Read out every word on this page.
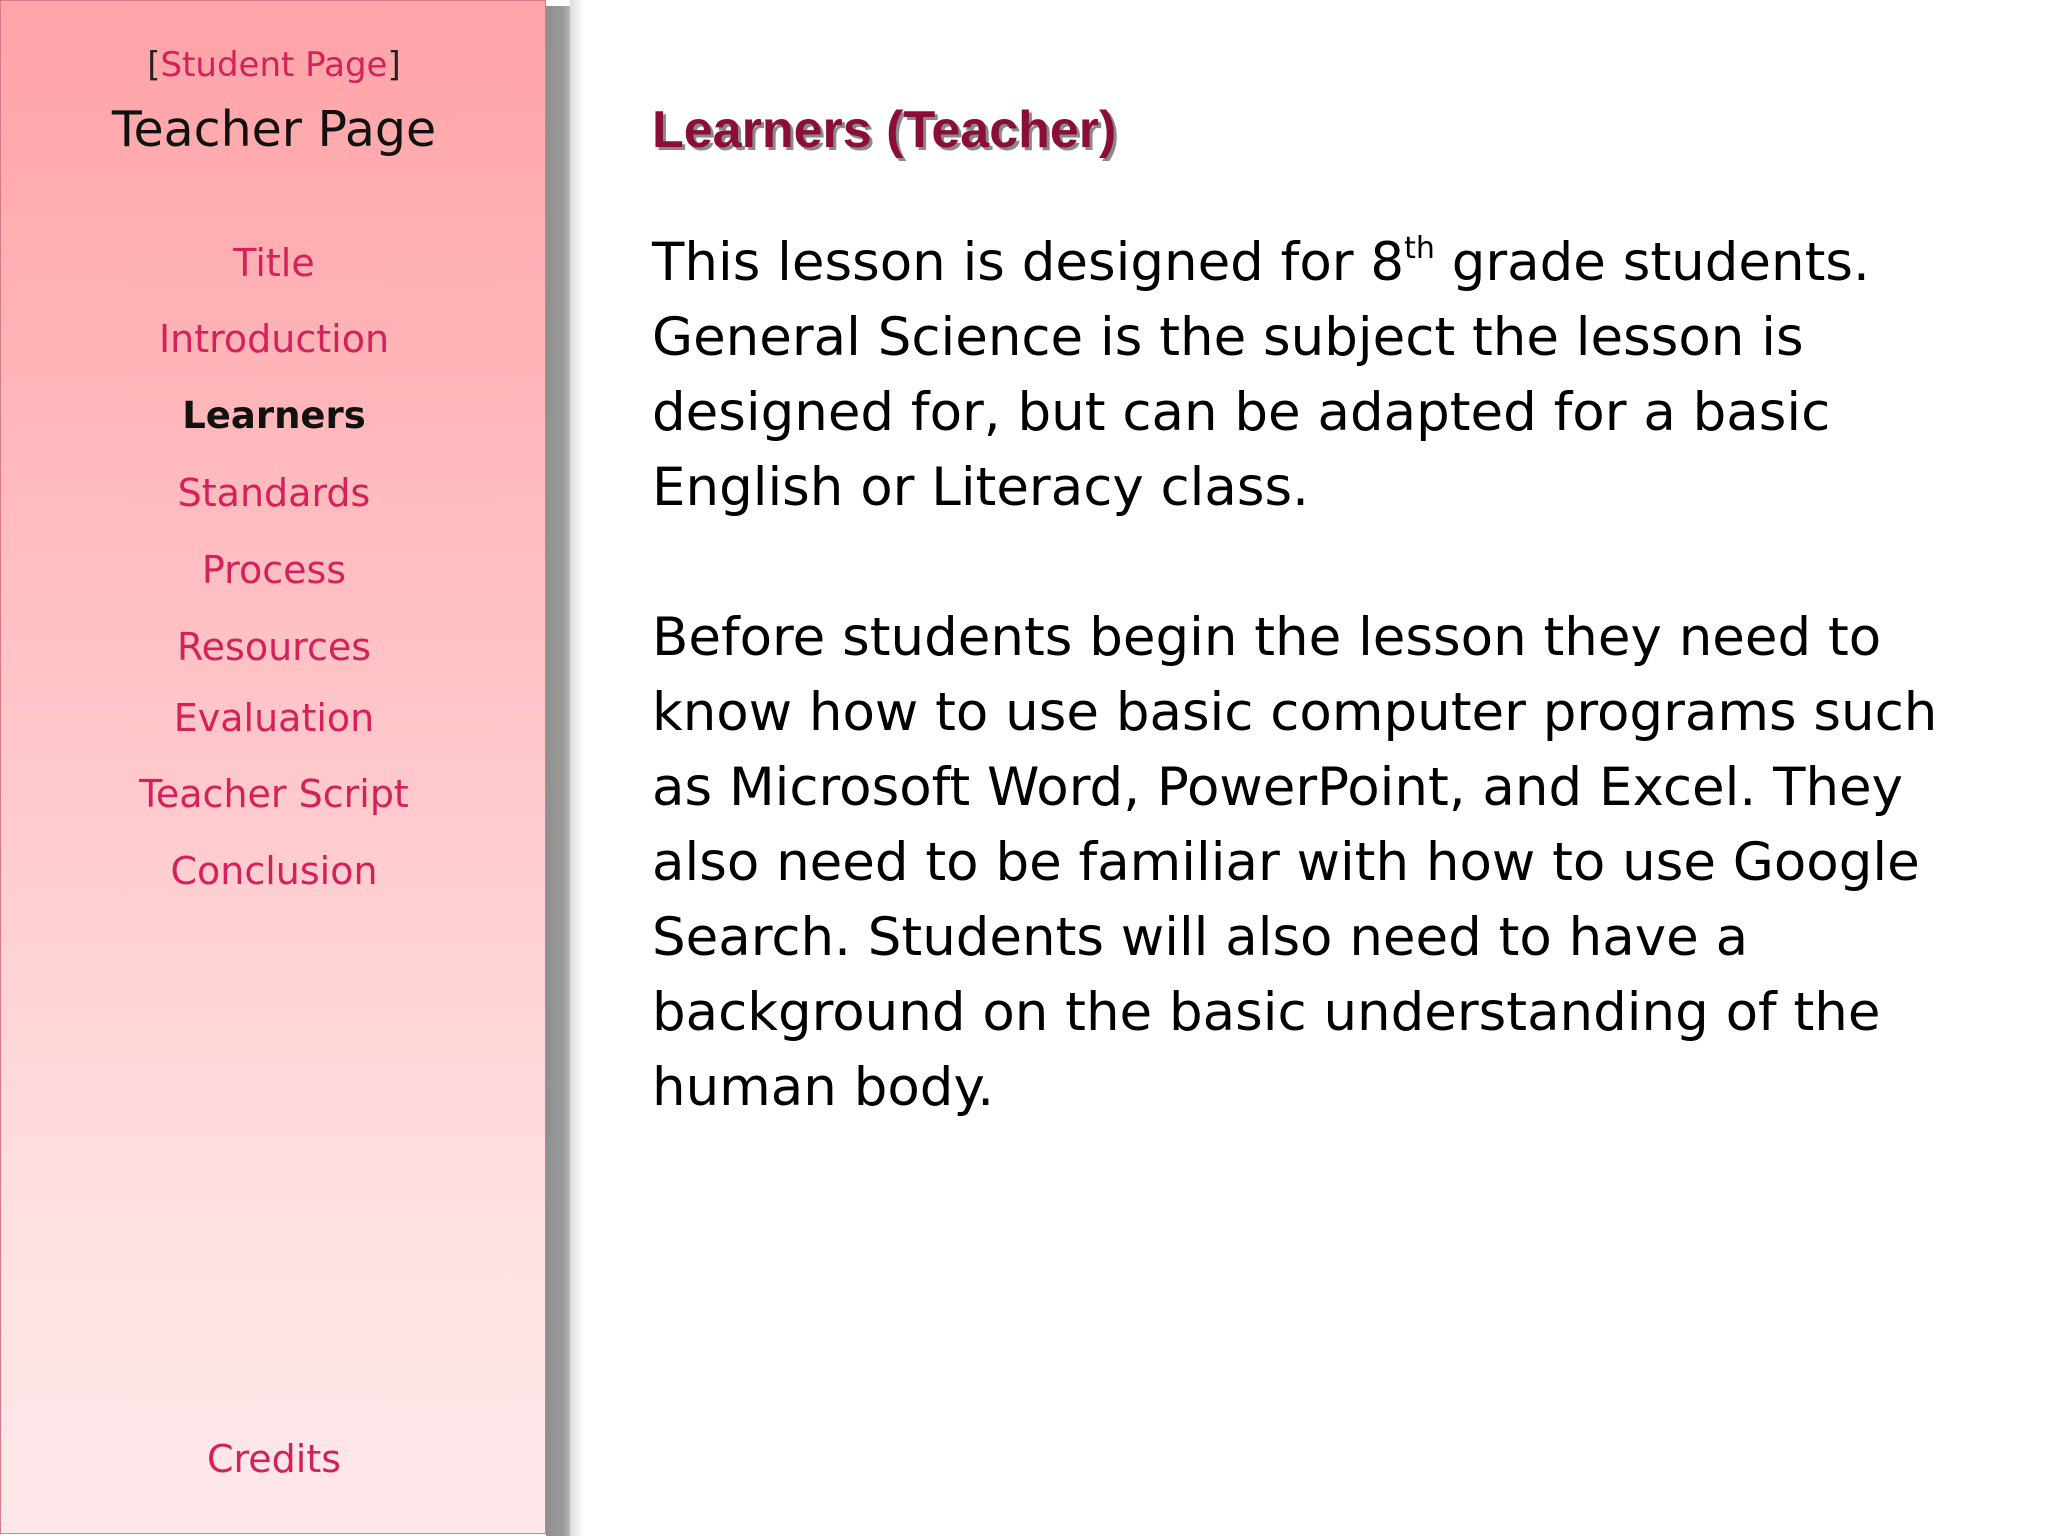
[Student Page]
Teacher Page
Title
Introduction
Learners
Standards
Process
Resources
Evaluation
Teacher Script
Conclusion
Credits
Learners (Teacher)

This lesson is designed for 8th grade students. General Science is the subject the lesson is designed for, but can be adapted for a basic English or Literacy class.

Before students begin the lesson they need to know how to use basic computer programs such as Microsoft Word, PowerPoint, and Excel. They also need to be familiar with how to use Google Search. Students will also need to have a background on the basic understanding of the human body.
